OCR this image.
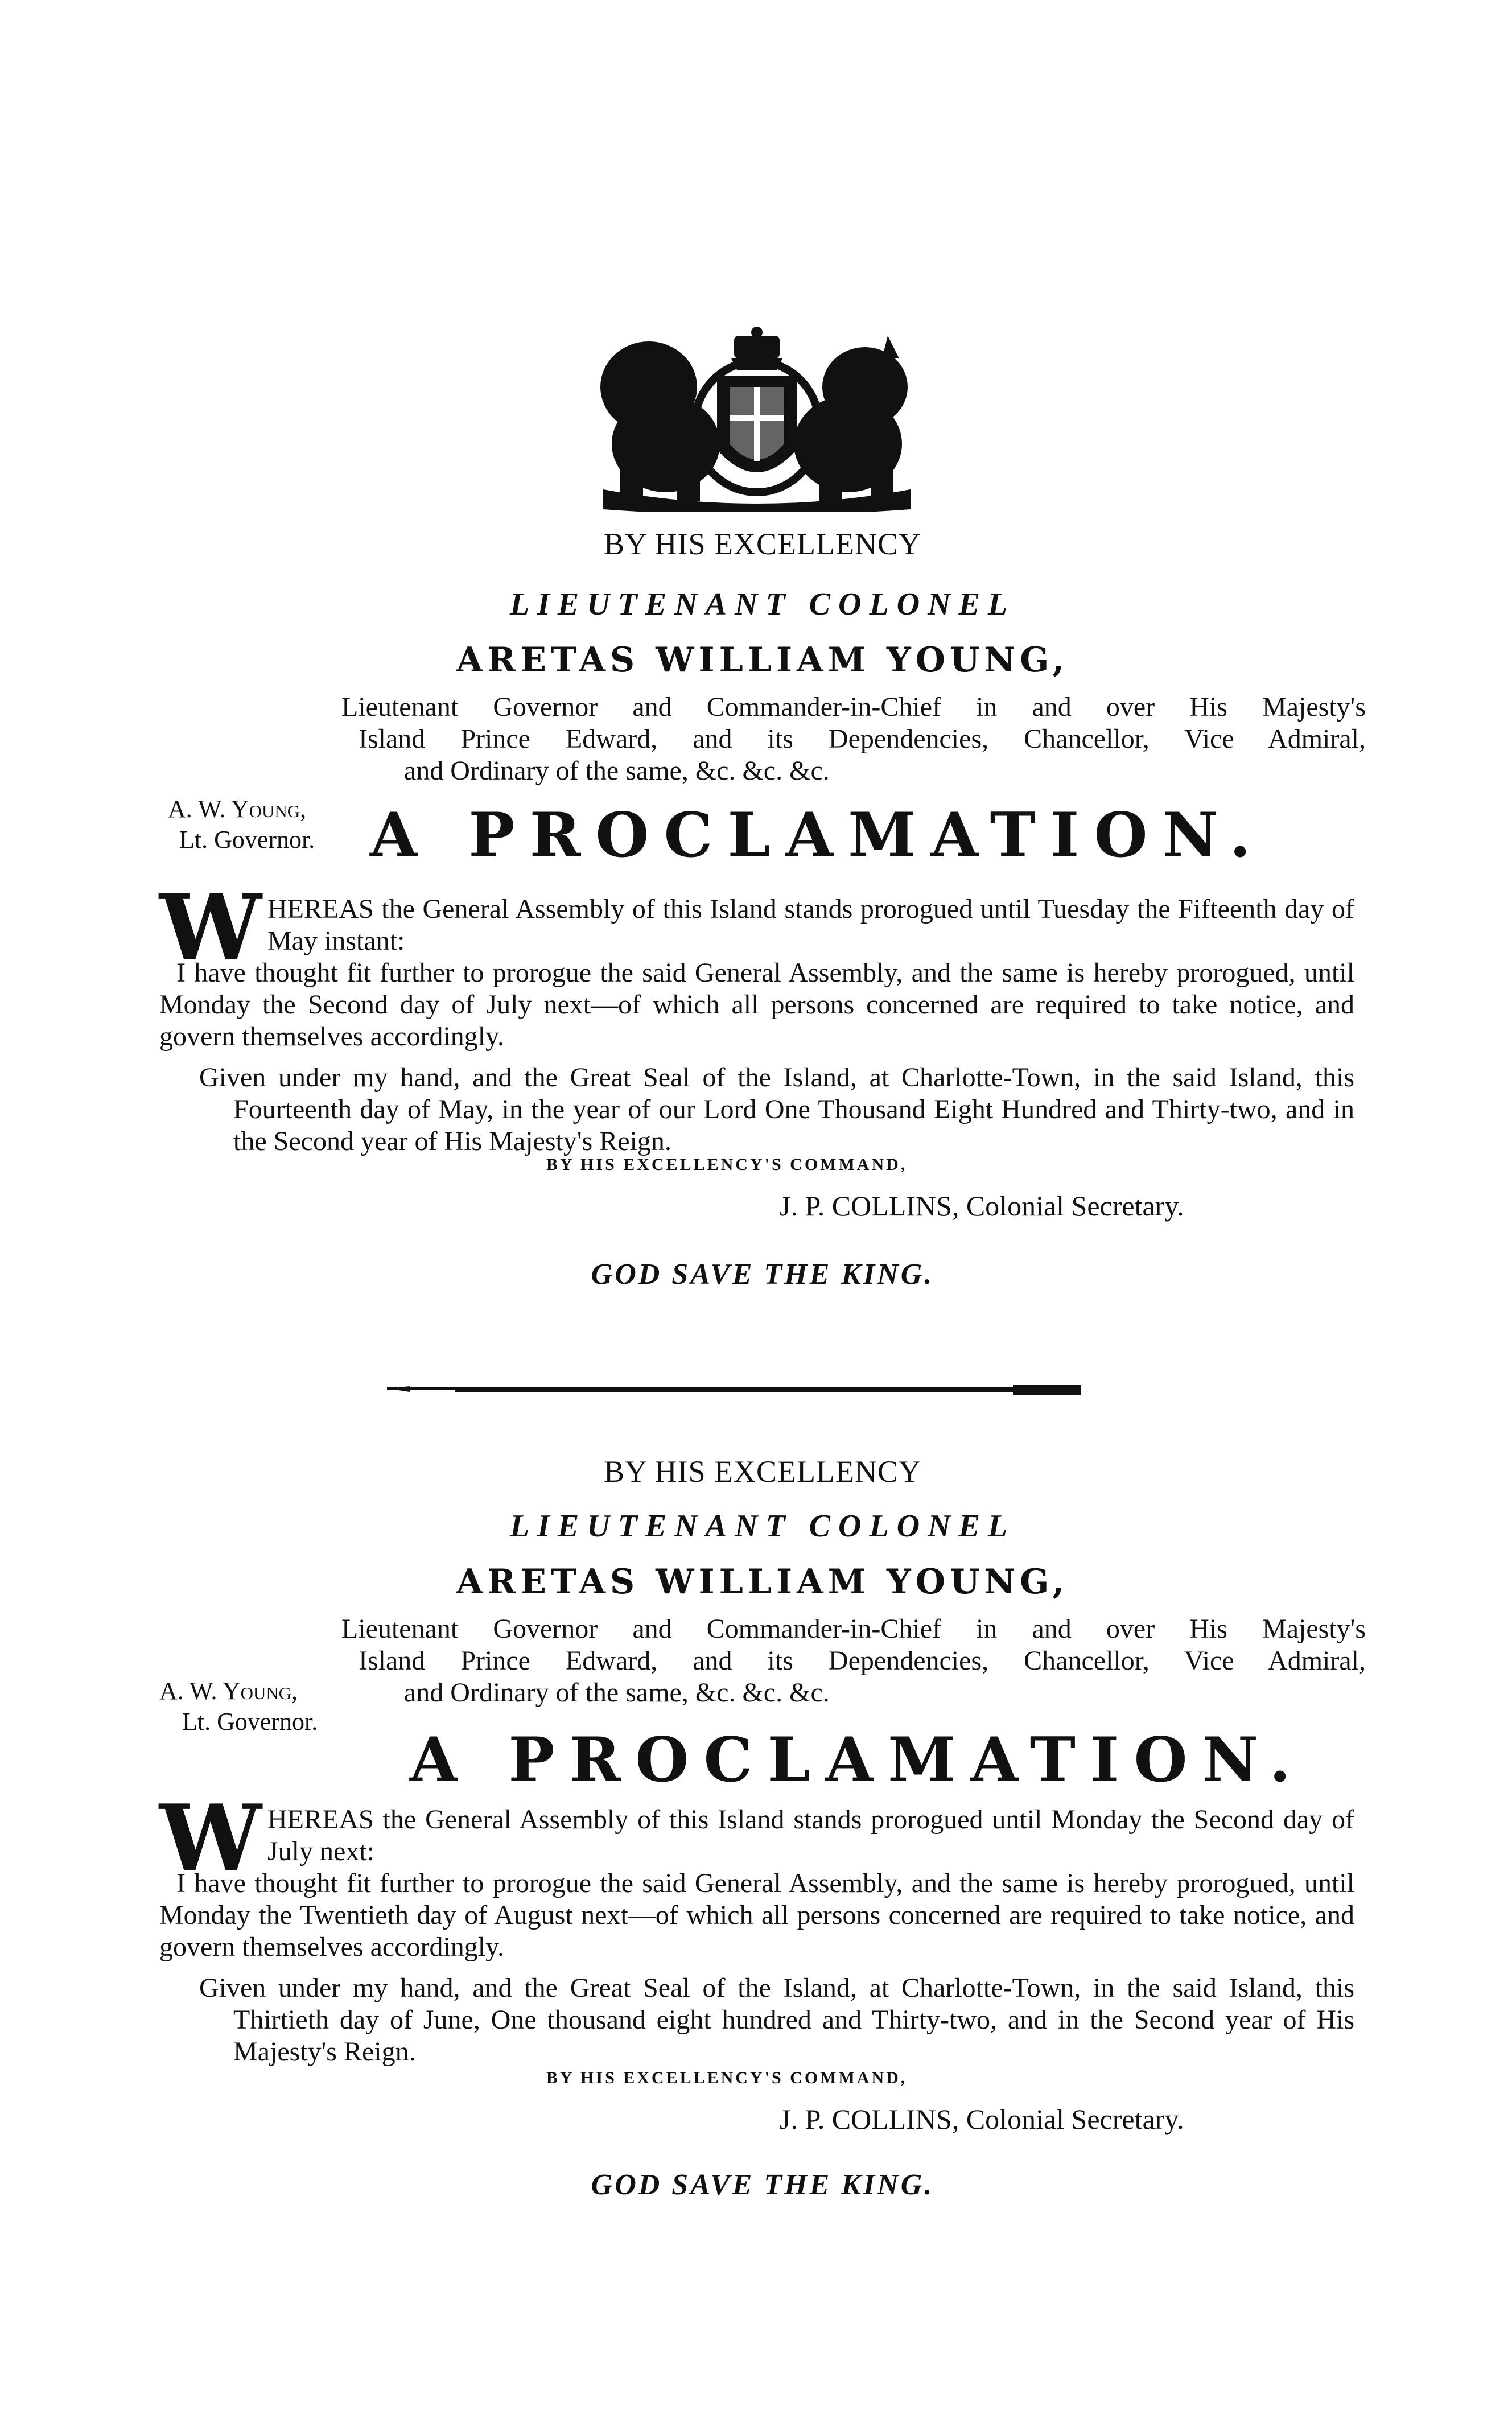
BY HIS EXCELLENCY
LIEUTENANT COLONEL
ARETAS WILLIAM YOUNG,
Lieutenant Governor and Commander-in-Chief in and over His Majesty's
Island Prince Edward, and its Dependencies, Chancellor, Vice Admiral,
and Ordinary of the same, &c. &c. &c.
A. W. Young,
Lt. Governor. A PROCLAMATION.

W HEREAS the General Assembly of this Island stands prorogued until Tuesday the Fifteenth day of May instant:

I have thought fit further to prorogue the said General Assembly, and the same is hereby prorogued, until Monday the Second day of July next—of which all persons concerned are required to take notice, and govern themselves accordingly.

Given under my hand, and the Great Seal of the Island, at Charlotte-Town, in the said Island, this Fourteenth day of May, in the year of our Lord One Thousand Eight Hundred and Thirty-two, and in the Second year of His Majesty's Reign.

BY HIS EXCELLENCY'S COMMAND,
J. P. COLLINS, Colonial Secretary.
GOD SAVE THE KING.
BY HIS EXCELLENCY
LIEUTENANT COLONEL
ARETAS WILLIAM YOUNG,
Lieutenant Governor and Commander-in-Chief in and over His Majesty's
Island Prince Edward, and its Dependencies, Chancellor, Vice Admiral,
and Ordinary of the same, &c. &c. &c.
A. W. Young,
Lt. Governor.
A PROCLAMATION.

W HEREAS the General Assembly of this Island stands prorogued until Monday the Second day of July next:

I have thought fit further to prorogue the said General Assembly, and the same is hereby prorogued, until Monday the Twentieth day of August next—of which all persons concerned are required to take notice, and govern themselves accordingly.

Given under my hand, and the Great Seal of the Island, at Charlotte-Town, in the said Island, this Thirtieth day of June, One thousand eight hundred and Thirty-two, and in the Second year of His Majesty's Reign.

BY HIS EXCELLENCY'S COMMAND,
J. P. COLLINS, Colonial Secretary.
GOD SAVE THE KING.
